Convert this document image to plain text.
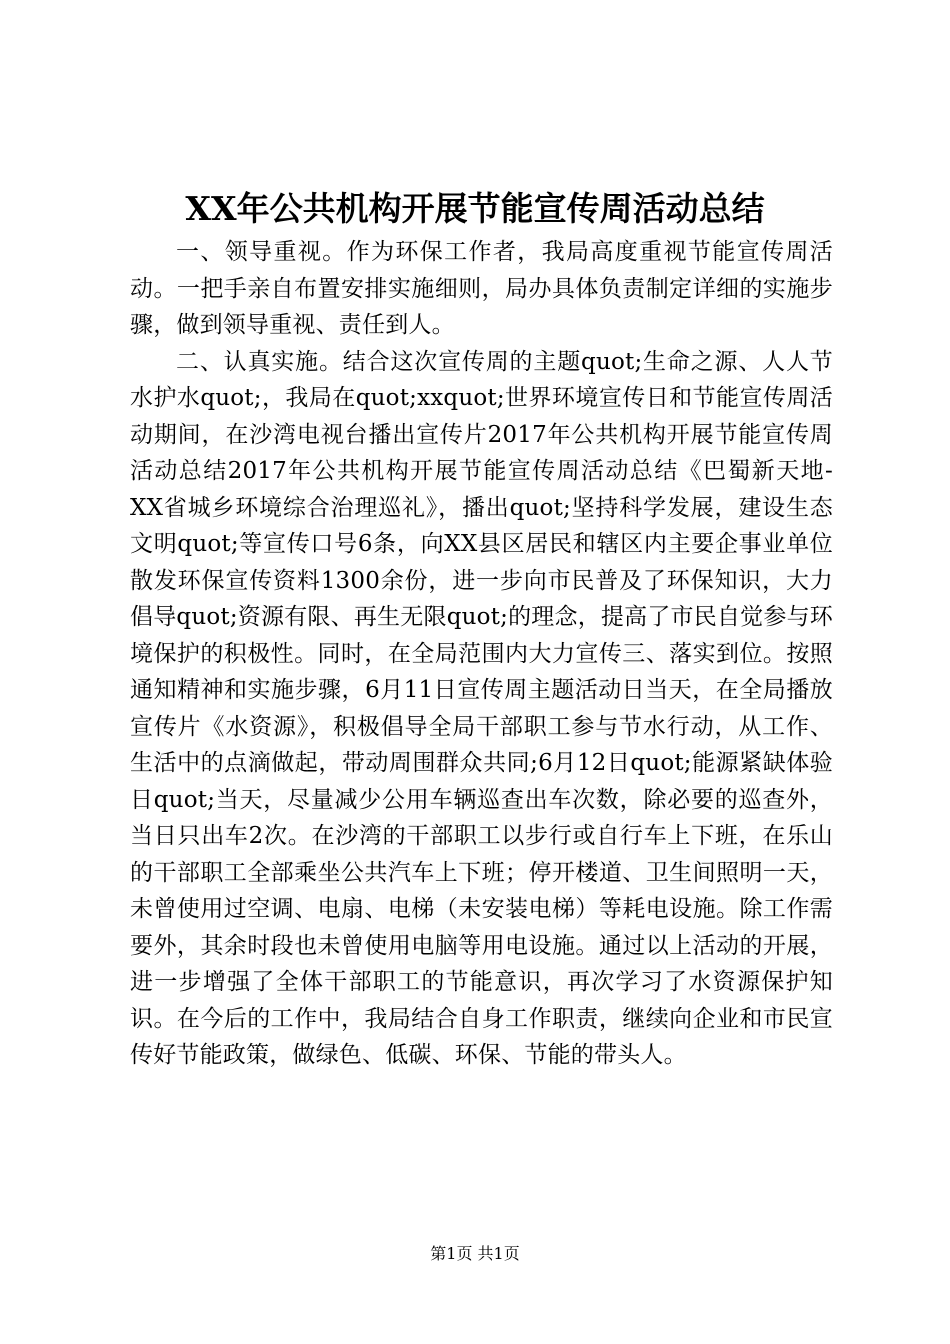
XX年公共机构开展节能宣传周活动总结

一、领导重视。作为环保工作者，我局高度重视节能宣传周活动。一把手亲自布置安排实施细则，局办具体负责制定详细的实施步骤，做到领导重视、责任到人。

二、认真实施。结合这次宣传周的主题quot;生命之源、人人节水护水quot;，我局在quot;xxquot;世界环境宣传日和节能宣传周活动期间，在沙湾电视台播出宣传片2017年公共机构开展节能宣传周活动总结2017年公共机构开展节能宣传周活动总结《巴蜀新天地-XX省城乡环境综合治理巡礼》，播出quot;坚持科学发展，建设生态文明quot;等宣传口号6条，向XX县区居民和辖区内主要企事业单位散发环保宣传资料1300余份，进一步向市民普及了环保知识，大力倡导quot;资源有限、再生无限quot;的理念，提高了市民自觉参与环境保护的积极性。同时，在全局范围内大力宣传三、落实到位。按照通知精神和实施步骤，6月11日宣传周主题活动日当天，在全局播放宣传片《水资源》，积极倡导全局干部职工参与节水行动，从工作、生活中的点滴做起，带动周围群众共同;6月12日quot;能源紧缺体验日quot;当天，尽量减少公用车辆巡查出车次数，除必要的巡查外，当日只出车2次。在沙湾的干部职工以步行或自行车上下班，在乐山的干部职工全部乘坐公共汽车上下班；停开楼道、卫生间照明一天，未曾使用过空调、电扇、电梯（未安装电梯）等耗电设施。除工作需要外，其余时段也未曾使用电脑等用电设施。通过以上活动的开展，进一步增强了全体干部职工的节能意识，再次学习了水资源保护知识。在今后的工作中，我局结合自身工作职责，继续向企业和市民宣传好节能政策，做绿色、低碳、环保、节能的带头人。

第1页 共1页
